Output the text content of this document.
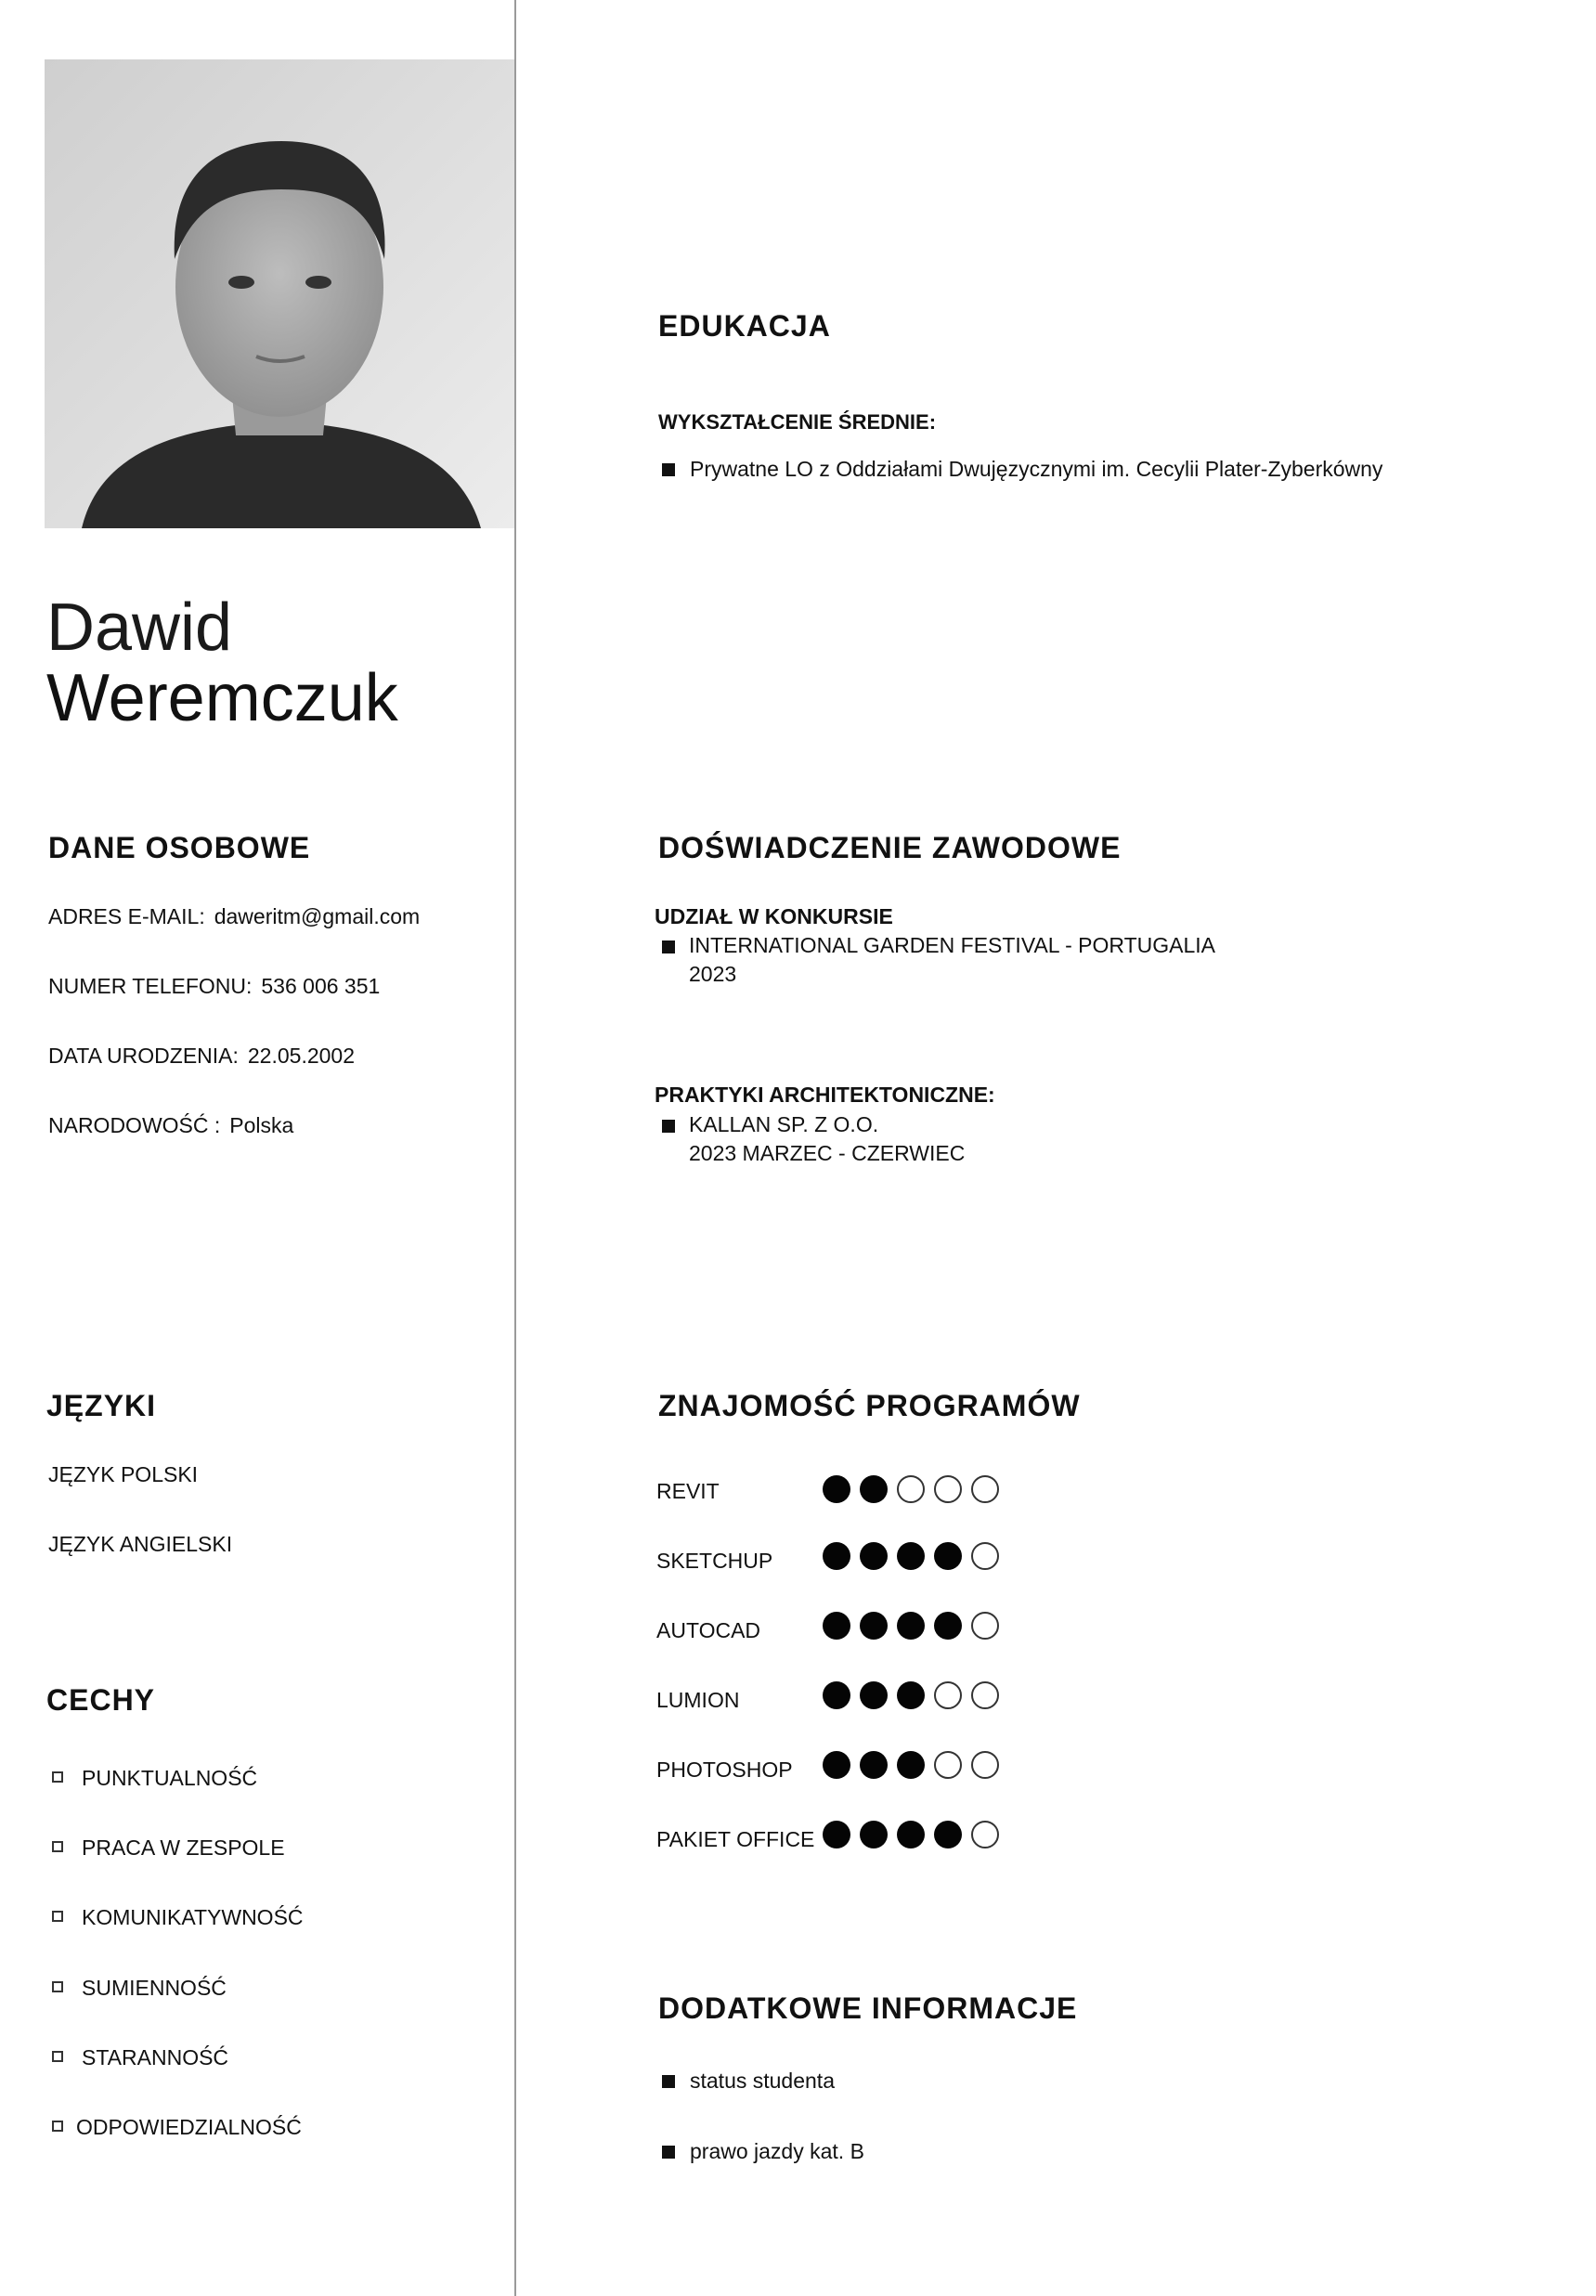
Dawid
Weremczuk
EDUKACJA
WYKSZTAŁCENIE ŚREDNIE:
Prywatne LO z Oddziałami Dwujęzycznymi im. Cecylii Plater-Zyberkówny
DANE OSOBOWE
ADRES E-MAIL: daweritm@gmail.com
NUMER TELEFONU: 536 006 351
DATA URODZENIA: 22.05.2002
NARODOWOŚĆ : Polska
DOŚWIADCZENIE ZAWODOWE
UDZIAŁ W KONKURSIE
INTERNATIONAL GARDEN FESTIVAL - PORTUGALIA
2023
PRAKTYKI ARCHITEKTONICZNE:
KALLAN SP. Z O.O.
2023 MARZEC - CZERWIEC
JĘZYKI
JĘZYK POLSKI
JĘZYK ANGIELSKI
CECHY
PUNKTUALNOŚĆ
PRACA W ZESPOLE
KOMUNIKATYWNOŚĆ
SUMIENNOŚĆ
STARANNOŚĆ
ODPOWIEDZIALNOŚĆ
ZNAJOMOŚĆ PROGRAMÓW
REVIT
SKETCHUP
AUTOCAD
LUMION
PHOTOSHOP
PAKIET OFFICE
DODATKOWE INFORMACJE
status studenta
prawo jazdy kat. B
